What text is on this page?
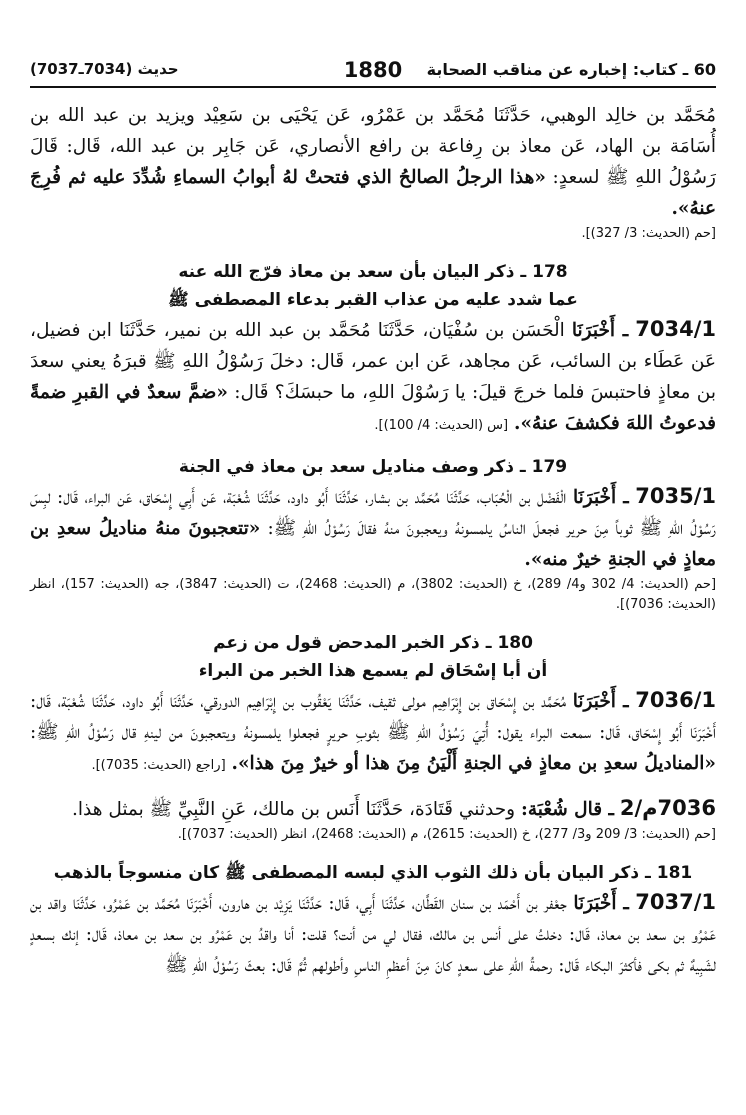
60 ـ كتاب: إخباره عن مناقب الصحابة
1880
حديث (7034ـ7037)

مُحَمَّد بن خالِد الوهبي، حَدَّثَنَا مُحَمَّد بن عَمْرُو، عَن يَحْيَى بن سَعِيْد ويزيد بن عبد الله بن أُسَامَة بن الهاد، عَن معاذ بن رِفاعة بن رافع الأنصاري، عَن جَابِر بن عبد الله، قَال: قَالَ رَسُوْلُ اللهِ ﷺ لسعدٍ: «هذا الرجلُ الصالحُ الذي فتحتْ لهُ أبوابُ السماءِ شُدِّدَ عليه ثم فُرِجَ عنهُ».

[حم (الحديث: 3/ 327)].

178 ـ ذكر البيان بأن سعد بن معاذ فرّج الله عنه
عما شدد عليه من عذاب القبر بدعاء المصطفى ﷺ

7034/1 ـ أَخْبَرَنَا الْحَسَن بن سُفْيَان، حَدَّثَنَا مُحَمَّد بن عبد الله بن نمير، حَدَّثَنَا ابن فضيل، عَن عَطَاء بن السائب، عَن مجاهد، عَن ابن عمر، قَال: دخلَ رَسُوْلُ اللهِ ﷺ قبرَهُ يعني سعدَ بن معاذٍ فاحتبسَ فلما خرجَ قيلَ: يا رَسُوْلَ اللهِ، ما حبسَكَ؟ قَال: «ضمَّ سعدٌ في القبرِ ضمةً فدعوتُ اللهَ فكشفَ عنهُ». [س (الحديث: 4/ 100)].

179 ـ ذكر وصف مناديل سعد بن معاذ في الجنة

7035/1 ـ أَخْبَرَنَا الْفَضْل بن الْحُبَاب، حَدَّثَنَا مُحَمَّد بن بشار، حَدَّثَنَا أَبُو داود، حَدَّثَنَا شُعْبَة، عَن أَبِي إِسْحَاق، عَن البراء، قَال: لبِسَ رَسُوْلُ اللهِ ﷺ ثوباً مِنَ حرير فجعلَ الناسُ يلمسونهُ ويعجبونَ منهُ فقالَ رَسُوْلُ اللهِ ﷺ: «تتعجبونَ منهُ مناديلُ سعدِ بن معاذٍ في الجنةِ خيرٌ منه».

[حم (الحديث: 4/ 302 و4/ 289)، خ (الحديث: 3802)، م (الحديث: 2468)، ت (الحديث: 3847)، جه (الحديث: 157)، انظر (الحديث: 7036)].

180 ـ ذكر الخبر المدحض قول من زعم
أن أبا إسْحَاق لم يسمع هذا الخبر من البراء

7036/1 ـ أَخْبَرَنَا مُحَمَّد بن إِسْحَاق بن إِبْرَاهِيم مولى ثقيف، حَدَّثَنَا يَعْقُوب بن إِبْرَاهِيم الدورقي، حَدَّثَنَا أَبُو داود، حَدَّثَنَا شُعْبَة، قَال: أَخْبَرَنَا أَبُو إِسْحَاق، قَال: سمعت البراء يقول: أُتِيَ رَسُوْلُ اللهِ ﷺ بثوبِ حريرٍ فجعلوا يلمسونهُ ويتعجبونَ من لينهِ قال رَسُوْلُ اللهِ ﷺ: «المناديلُ سعدِ بن معاذٍ في الجنةِ أَلْيَنُ مِنَ هذا أو خيرٌ مِنَ هذا». [راجع (الحديث: 7035)].

7036م/2 ـ قال شُعْبَة: وحدثني قَتَادَة، حَدَّثَنَا أَنَس بن مالك، عَنِ النَّبِيِّ ﷺ بمثل هذا.

[حم (الحديث: 3/ 209 و3/ 277)، خ (الحديث: 2615)، م (الحديث: 2468)، انظر (الحديث: 7037)].

181 ـ ذكر البيان بأن ذلك الثوب الذي لبسه المصطفى ﷺ كان منسوجاً بالذهب

7037/1 ـ أَخْبَرَنَا جعْفر بن أَحْمَد بن سنان القَطَّان، حَدَّثَنَا أَبِي، قَال: حَدَّثَنَا يَزِيْد بن هارون، أَخْبَرَنَا مُحَمَّد بن عَمْرُو، حَدَّثَنَا واقد بن عَمْرُو بن سعد بن معاذ، قَال: دخلتُ على أنس بن مالك، فقال لي من أنت؟ قلت: أنا واقدُ بن عَمْرُو بن سعد بن معاذ، قَال: إنك بسعدٍ لشَبِيهٌ ثم بكى فأكثرَ البكاء قَال: رحمةُ اللهِ على سعدٍ كانَ مِنَ أعظمِ الناسِ وأطولهم ثُمَّ قَال: بعثَ رَسُوْلُ اللهِ ﷺ
